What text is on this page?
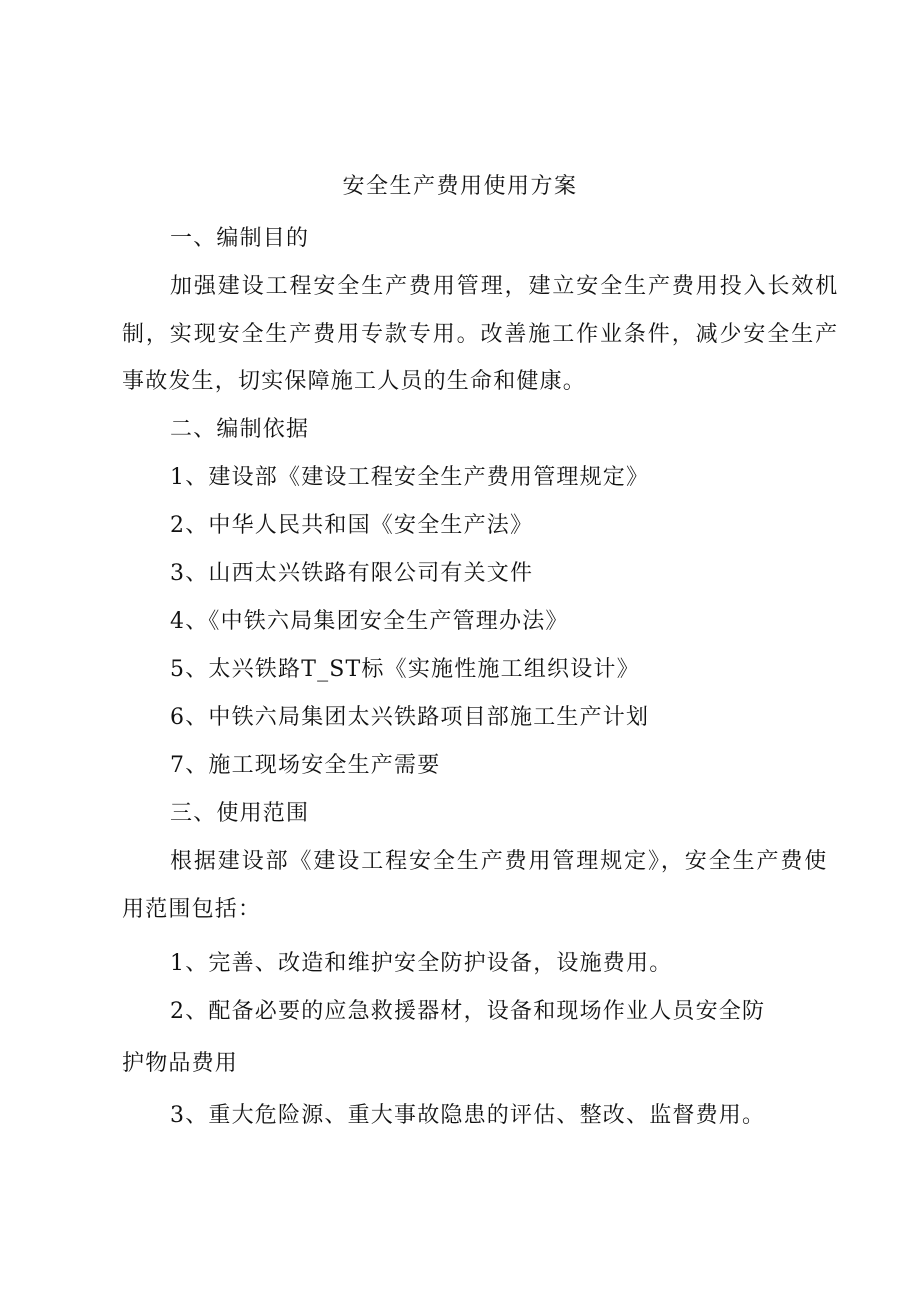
安全生产费用使用方案
一、编制目的
加强建设工程安全生产费用管理，建立安全生产费用投入长效机
制，实现安全生产费用专款专用。改善施工作业条件，减少安全生产
事故发生，切实保障施工人员的生命和健康。
二、编制依据
1、建设部《建设工程安全生产费用管理规定》
2、中华人民共和国《安全生产法》
3、山西太兴铁路有限公司有关文件
4、《中铁六局集团安全生产管理办法》
5、太兴铁路T_ST标《实施性施工组织设计》
6、中铁六局集团太兴铁路项目部施工生产计划
7、施工现场安全生产需要
三、使用范围
根据建设部《建设工程安全生产费用管理规定》，安全生产费使
用范围包括：
1、完善、改造和维护安全防护设备，设施费用。
2、配备必要的应急救援器材，设备和现场作业人员安全防
护物品费用
3、重大危险源、重大事故隐患的评估、整改、监督费用。
